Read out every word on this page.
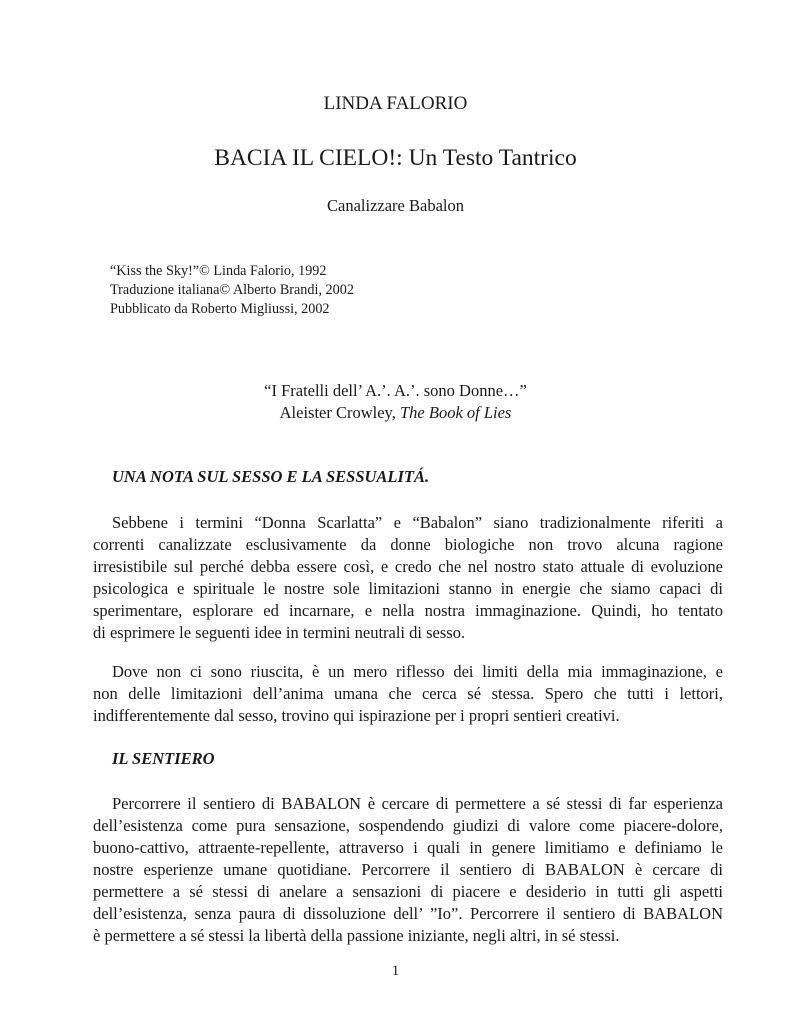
LINDA FALORIO
BACIA IL CIELO!: Un Testo Tantrico
Canalizzare Babalon
“Kiss the Sky!”© Linda Falorio, 1992
Traduzione italiana© Alberto Brandi, 2002
Pubblicato da Roberto Migliussi, 2002
“I Fratelli dell’ A.’. A.’. sono Donne…”
Aleister Crowley, The Book of Lies
UNA NOTA SUL SESSO E LA SESSUALITÁ.
Sebbene i termini “Donna Scarlatta” e “Babalon” siano tradizionalmente riferiti a
correnti canalizzate esclusivamente da donne biologiche non trovo alcuna ragione
irresistibile sul perché debba essere così, e credo che nel nostro stato attuale di evoluzione
psicologica e spirituale le nostre sole limitazioni stanno in energie che siamo capaci di
sperimentare, esplorare ed incarnare, e nella nostra immaginazione. Quindi, ho tentato
di esprimere le seguenti idee in termini neutrali di sesso.
Dove non ci sono riuscita, è un mero riflesso dei limiti della mia immaginazione, e
non delle limitazioni dell’anima umana che cerca sé stessa. Spero che tutti i lettori,
indifferentemente dal sesso, trovino qui ispirazione per i propri sentieri creativi.
IL SENTIERO
Percorrere il sentiero di BABALON è cercare di permettere a sé stessi di far esperienza
dell’esistenza come pura sensazione, sospendendo giudizi di valore come piacere-dolore,
buono-cattivo, attraente-repellente, attraverso i quali in genere limitiamo e definiamo le
nostre esperienze umane quotidiane. Percorrere il sentiero di BABALON è cercare di
permettere a sé stessi di anelare a sensazioni di piacere e desiderio in tutti gli aspetti
dell’esistenza, senza paura di dissoluzione dell’ ”Io”. Percorrere il sentiero di BABALON
è permettere a sé stessi la libertà della passione iniziante, negli altri, in sé stessi.
1
